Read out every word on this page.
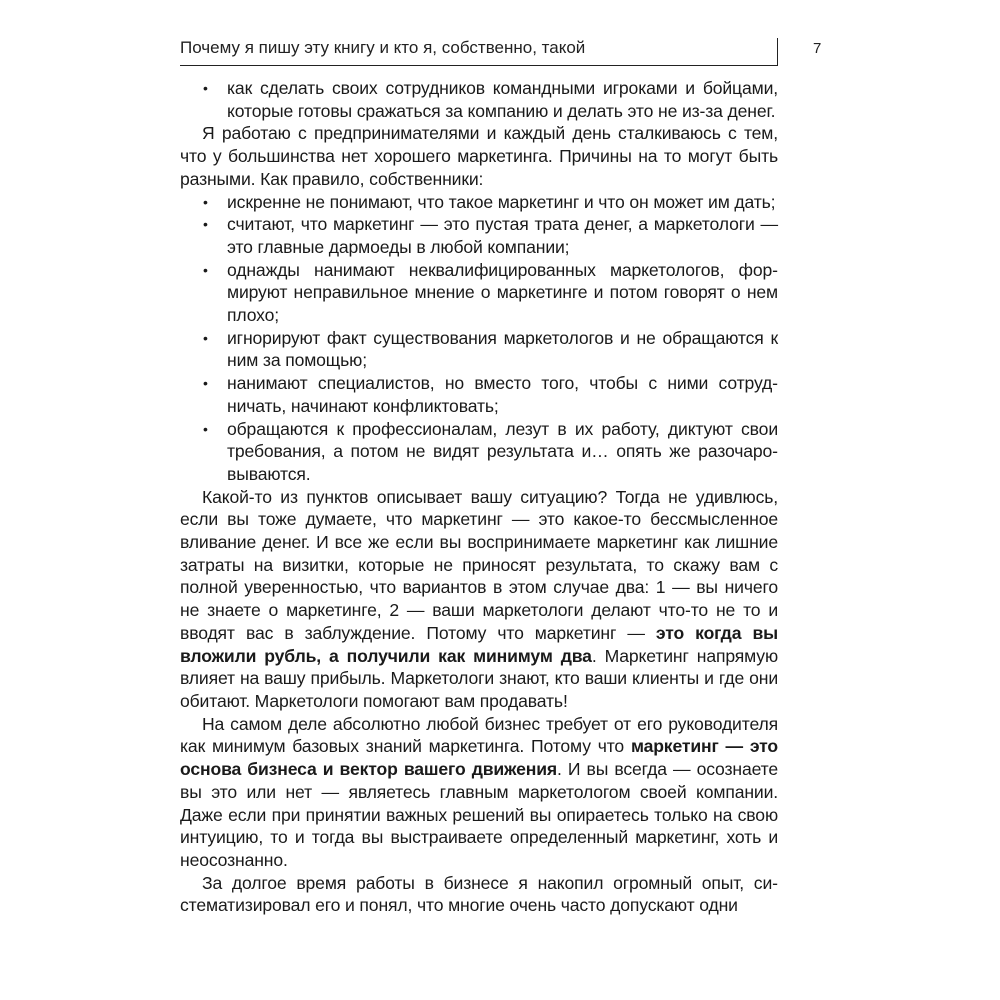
Почему я пишу эту книгу и кто я, собственно, такой	7
• как сделать своих сотрудников командными игроками и бойцами, которые готовы сражаться за компанию и делать это не из-за денег.

Я работаю с предпринимателями и каждый день сталкиваюсь с тем, что у большинства нет хорошего маркетинга. Причины на то могут быть разными. Как правило, собственники:

• искренне не понимают, что такое маркетинг и что он может им дать;
• считают, что маркетинг — это пустая трата денег, а маркетологи — это главные дармоеды в любой компании;
• однажды нанимают неквалифицированных маркетологов, формируют неправильное мнение о маркетинге и потом говорят о нем плохо;
• игнорируют факт существования маркетологов и не обращаются к ним за помощью;
• нанимают специалистов, но вместо того, чтобы с ними сотрудничать, начинают конфликтовать;
• обращаются к профессионалам, лезут в их работу, диктуют свои требования, а потом не видят результата и… опять же разочаровываются.

Какой-то из пунктов описывает вашу ситуацию? Тогда не удивлюсь, если вы тоже думаете, что маркетинг — это какое-то бессмысленное вливание денег. И все же если вы воспринимаете маркетинг как лишние затраты на визитки, которые не приносят результата, то скажу вам с полной уверенностью, что вариантов в этом случае два: 1 — вы ничего не знаете о маркетинге, 2 — ваши маркетологи делают что-то не то и вводят вас в заблуждение. Потому что маркетинг — это когда вы вложили рубль, а получили как минимум два. Маркетинг напрямую влияет на вашу прибыль. Маркетологи знают, кто ваши клиенты и где они обитают. Маркетологи помогают вам продавать!

На самом деле абсолютно любой бизнес требует от его руководителя как минимум базовых знаний маркетинга. Потому что маркетинг — это основа бизнеса и вектор вашего движения. И вы всегда — осознаете вы это или нет — являетесь главным маркетологом своей компании. Даже если при принятии важных решений вы опираетесь только на свою интуицию, то и тогда вы выстраиваете определенный маркетинг, хоть и неосознанно.

За долгое время работы в бизнесе я накопил огромный опыт, систематизировал его и понял, что многие очень часто допускают одни
